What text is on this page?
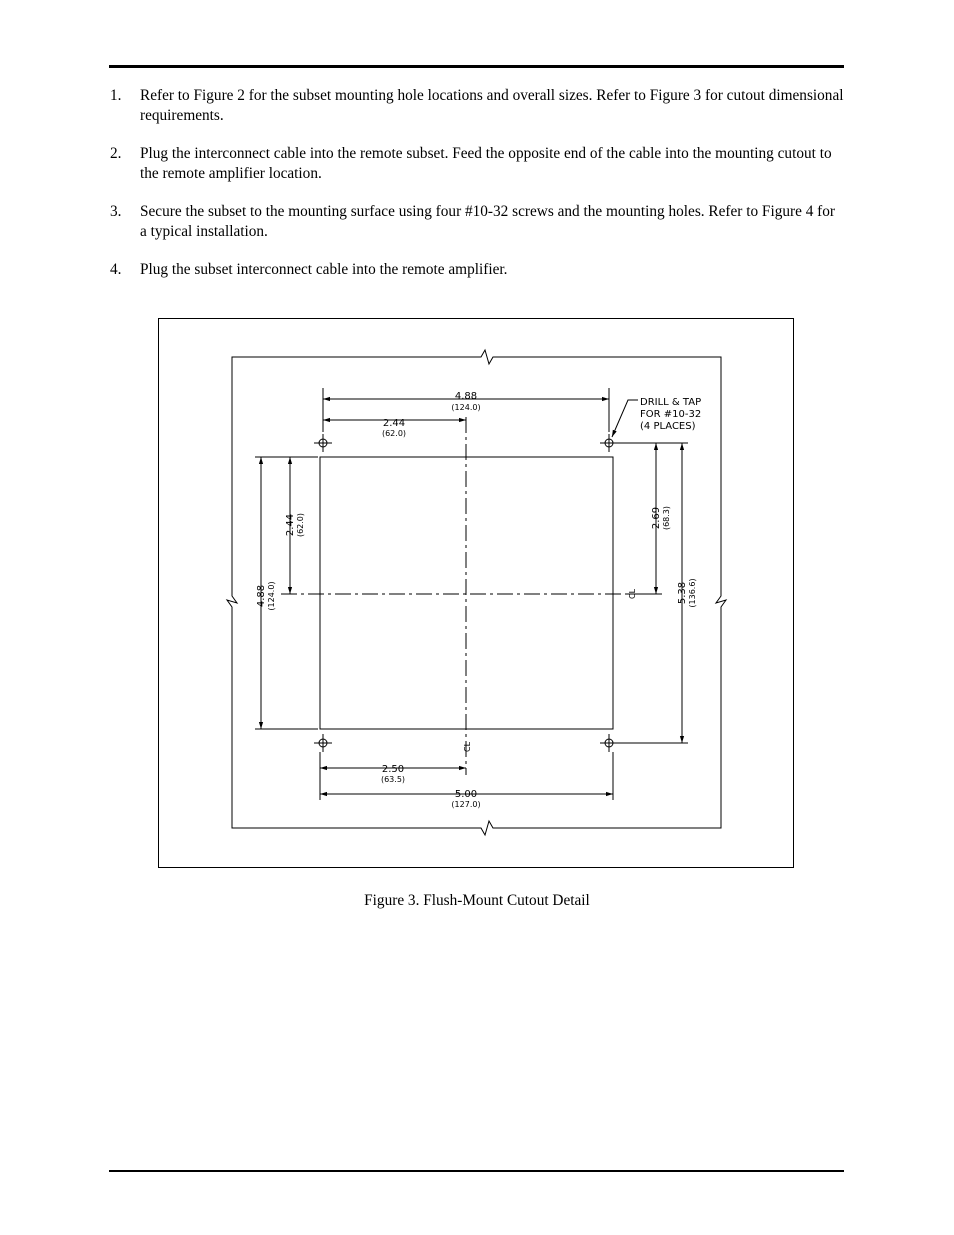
1. Refer to Figure 2 for the subset mounting hole locations and overall sizes. Refer to Figure 3 for cutout dimensional requirements.
2. Plug the interconnect cable into the remote subset. Feed the opposite end of the cable into the mounting cutout to the remote amplifier location.
3. Secure the subset to the mounting surface using four #10-32 screws and the mounting holes. Refer to Figure 4 for a typical installation.
4. Plug the subset interconnect cable into the remote amplifier.
4.88
(124.0)
2.44
(62.0)
DRILL & TAP
FOR #10-32
(4 PLACES)
2.44 (62.0)
4.88 (124.0)
2.69 (68.3)
5.38 (136.6)
CL
CL
2.50
(63.5)
5.00
(127.0)
Figure 3. Flush-Mount Cutout Detail
